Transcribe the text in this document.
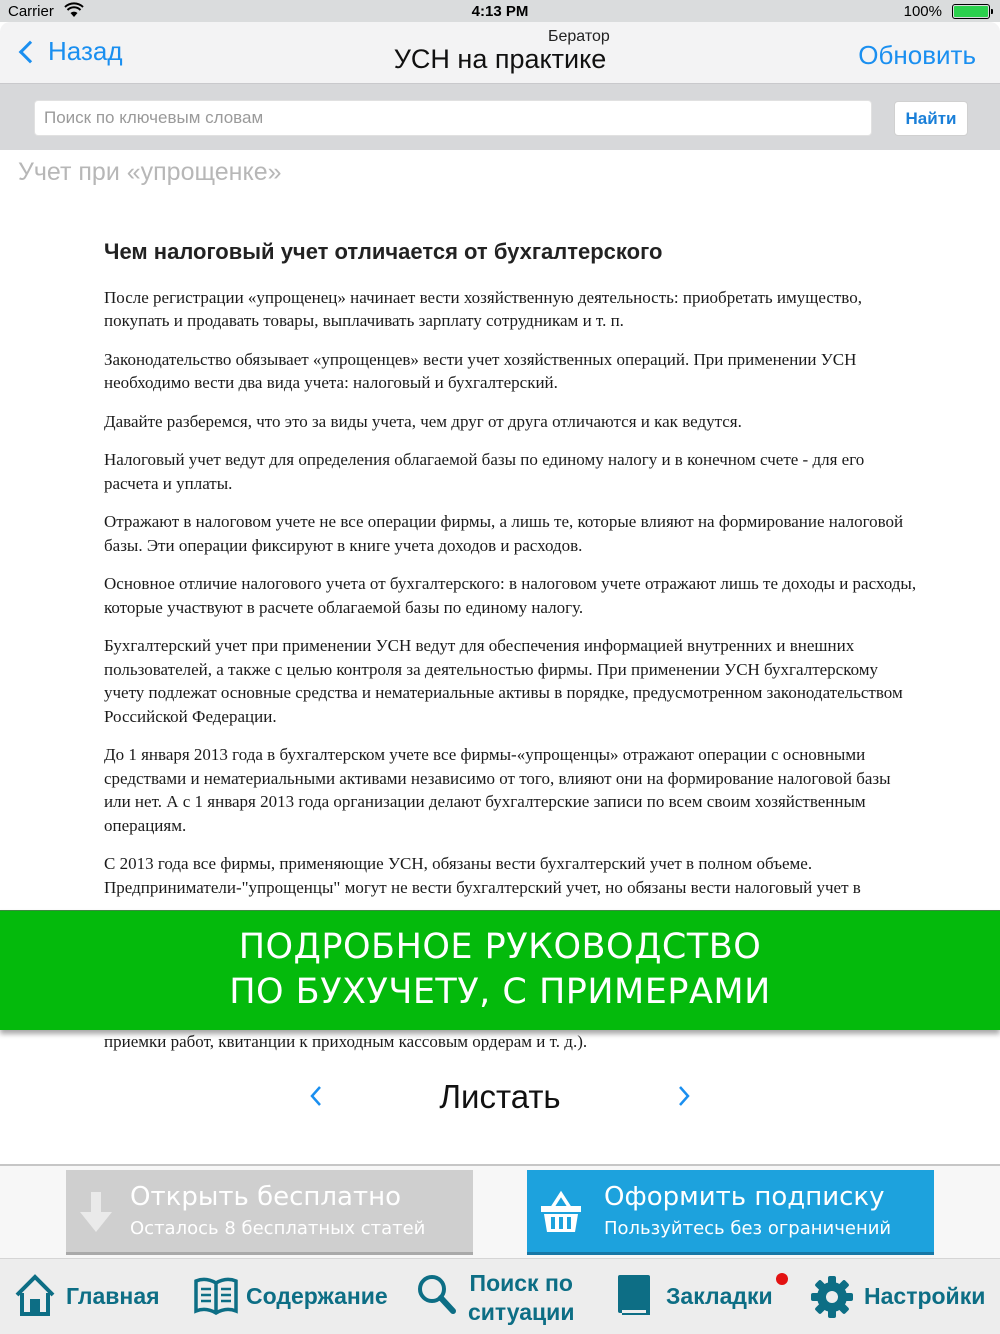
Carrier	4:13 PM	100%
Назад	Бератор
УСН на практике	Обновить
Поиск по ключевым словам
Найти
Учет при «упрощенке»
Чем налоговый учет отличается от бухгалтерского

После регистрации «упрощенец» начинает вести хозяйственную деятельность: приобретать имущество, покупать и продавать товары, выплачивать зарплату сотрудникам и т. п.

Законодательство обязывает «упрощенцев» вести учет хозяйственных операций. При применении УСН необходимо вести два вида учета: налоговый и бухгалтерский.

Давайте разберемся, что это за виды учета, чем друг от друга отличаются и как ведутся.

Налоговый учет ведут для определения облагаемой базы по единому налогу и в конечном счете - для его расчета и уплаты.

Отражают в налоговом учете не все операции фирмы, а лишь те, которые влияют на формирование налоговой базы. Эти операции фиксируют в книге учета доходов и расходов.

Основное отличие налогового учета от бухгалтерского: в налоговом учете отражают лишь те доходы и расходы, которые участвуют в расчете облагаемой базы по единому налогу.

Бухгалтерский учет при применении УСН ведут для обеспечения информацией внутренних и внешних пользователей, а также с целью контроля за деятельностью фирмы. При применении УСН бухгалтерскому учету подлежат основные средства и нематериальные активы в порядке, предусмотренном законодательством Российской Федерации.

До 1 января 2013 года в бухгалтерском учете все фирмы-«упрощенцы» отражают операции с основными средствами и нематериальными активами независимо от того, влияют они на формирование налоговой базы или нет. А с 1 января 2013 года организации делают бухгалтерские записи по всем своим хозяйственным операциям.

С 2013 года все фирмы, применяющие УСН, обязаны вести бухгалтерский учет в полном объеме. Предприниматели-"упрощенцы" могут не вести бухгалтерский учет, но обязаны вести налоговый учет в

ПОДРОБНОЕ РУКОВОДСТВО
ПО БУХУЧЕТУ, С ПРИМЕРАМИ
приемки работ, квитанции к приходным кассовым ордерам и т. д.).
Листать
Открыть бесплатно
Осталось 8 бесплатных статей
Оформить подписку
Пользуйтесь без ограничений
Главная	Содержание	Поиск по
ситуации
Закладки	Настройки
